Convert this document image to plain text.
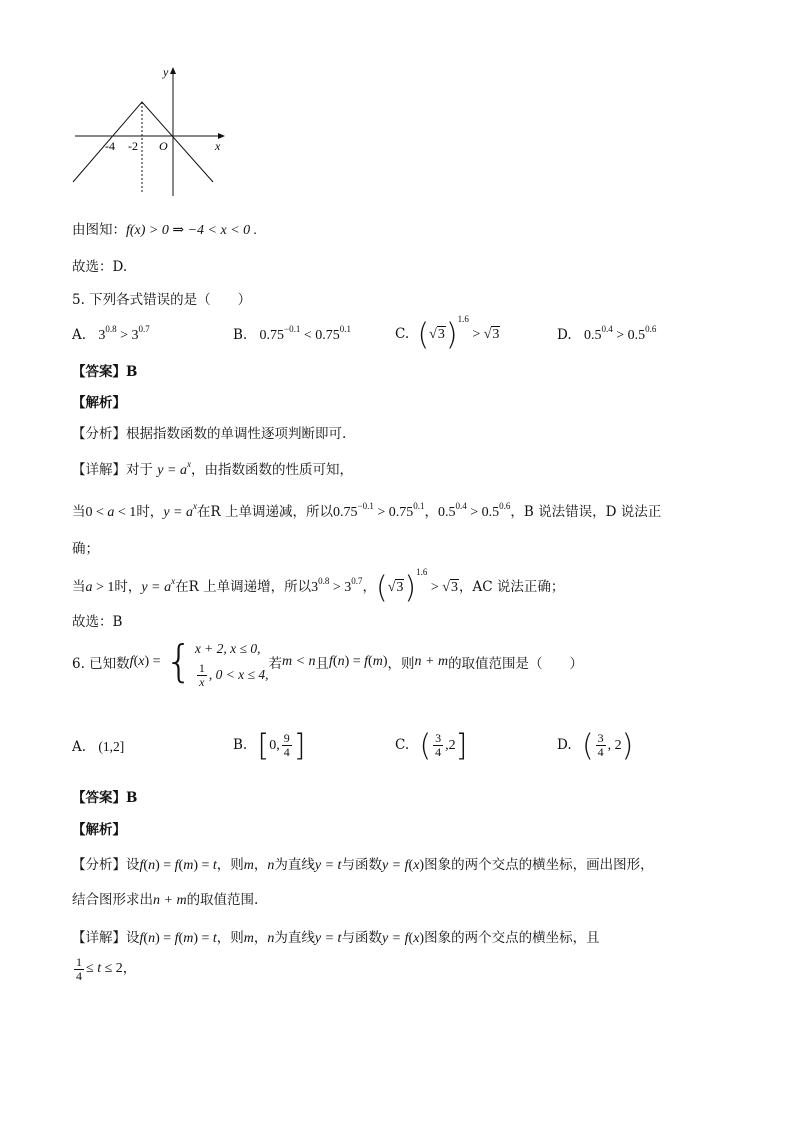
y
x
-4 -2 O
由图知：f(x) > 0 ⇒ −4 < x < 0 .
故选：D.
5. 下列各式错误的是（　　）
A. $3^{0.8} > 3^{0.7}$	B. $0.75^{-0.1} < 0.75^{0.1}$	C. $(√3)^{1.6} > √3$	D. $0.5^{0.4} > 0.5^{0.6}$
【答案】B
【解析】
【分析】根据指数函数的单调性逐项判断即可.
【详解】对于 $y = a^x$，由指数函数的性质可知，
当0 < a < 1时，$y = a^x$在R 上单调递减，所以$0.75^{-0.1} > 0.75^{0.1}$，$0.5^{0.4} > 0.5^{0.6}$，B 说法错误，D 说法正
确；
当a > 1时，$y = a^x$在R 上单调递增，所以$3^{0.8} > 3^{0.7}$，$(√3)^{1.6} > √3$，AC 说法正确；
故选：B
6. 已知数f(x) = { x + 2, x ≤ 0,
$\frac{1}{x}$ , 0 < x ≤ 4,
若m < n且f(n) = f(m)，则n + m的取值范围是（　　）
A. (1,2]	B. [0, $\frac{9}{4}$ ]	C. ( $\frac{3}{4} ,2$]	D. ( $\frac{3}{4}$ , 2)
【答案】B
【解析】
【分析】设f(n) = f(m) = t，则m，n为直线y = t与函数y = f(x)图象的两个交点的横坐标，画出图形，
结合图形求出n + m的取值范围.
【详解】设f(n) = f(m) = t，则m，n为直线y = t与函数y = f(x)图象的两个交点的横坐标，且
$\frac{1}{4} \le t \le 2$，
